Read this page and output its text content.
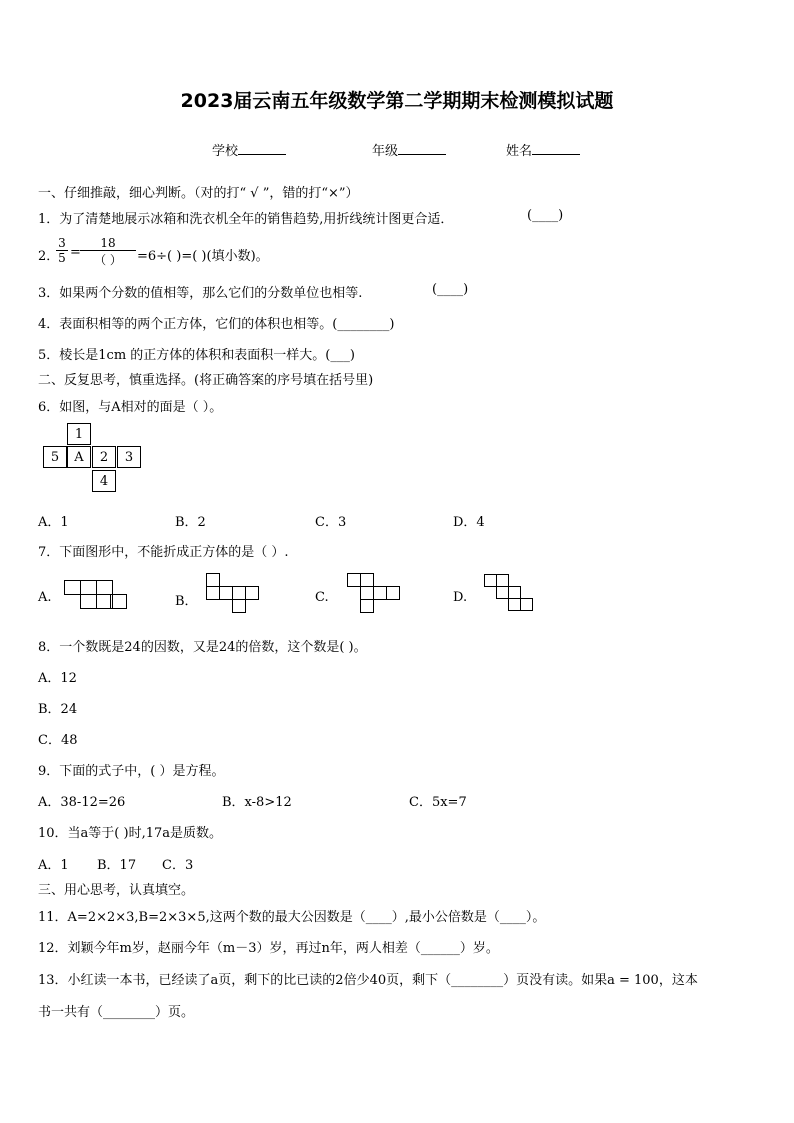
2023届云南五年级数学第二学期期末检测模拟试题
学校	年级	姓名
一、仔细推敲，细心判断。（对的打“ √ ”，错的打“×”）
1．为了清楚地展示冰箱和洗衣机全年的销售趋势,用折线统计图更合适．	(____)
2．
$\frac{3}{5}$ =
18
（ ）	=6÷( )=( )(填小数)。
3．如果两个分数的值相等，那么它们的分数单位也相等.	(____)
4．表面积相等的两个正方体，它们的体积也相等。(________)
5．棱长是1cm 的正方体的体积和表面积一样大。(___)
二、反复思考，慎重选择。(将正确答案的序号填在括号里)
6．如图，与A相对的面是（ ）。
1
5	A	2	3
4
A．1	B．2	C．3	D．4
7．下面图形中，不能折成正方体的是（ ）.
A.	B．	C.	D.
8．一个数既是24的因数，又是24的倍数，这个数是( )。
A．12
B．24
C．48
9．下面的式子中，( ）是方程。
A．38-12=26	B．x-8>12	C．5x=7
10．当a等于( )时,17a是质数。
A．1 B．17 C．3
三、用心思考，认真填空。
11．A=2×2×3,B=2×3×5,这两个数的最大公因数是（____）,最小公倍数是（____）。
12．刘颖今年m岁，赵丽今年（m－3）岁，再过n年，两人相差（______）岁。
13．小红读一本书，已经读了a页，剩下的比已读的2倍少40页，剩下（________）页没有读。如果a = 100，这本
书一共有（________）页。
